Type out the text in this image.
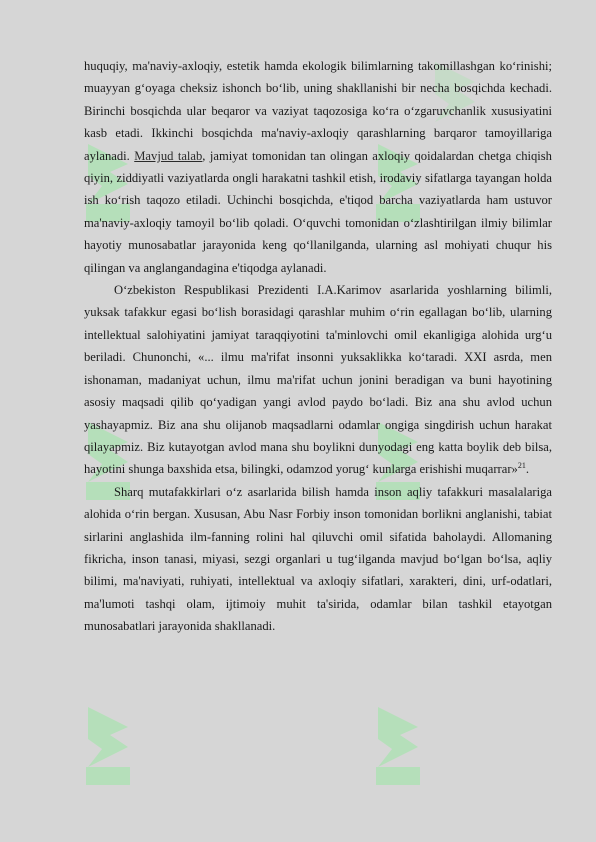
huquqiy, ma'naviy-axloqiy, estetik hamda ekologik bilimlarning takomillashgan ko‘rinishi; muayyan g‘oyaga cheksiz ishonch bo‘lib, uning shakllanishi bir necha bosqichda kechadi. Birinchi bosqichda ular beqaror va vaziyat taqozosiga ko‘ra o‘zgaruvchanlik xususiyatini kasb etadi. Ikkinchi bosqichda ma'naviy-axloqiy qarashlarning barqaror tamoyillariga aylanadi. Mavjud talab, jamiyat tomonidan tan olingan axloqiy qoidalardan chetga chiqish qiyin, ziddiyatli vaziyatlarda ongli harakatni tashkil etish, irodaviy sifatlarga tayangan holda ish ko‘rish taqozo etiladi. Uchinchi bosqichda, e'tiqod barcha vaziyatlarda ham ustuvor ma'naviy-axloqiy tamoyil bo‘lib qoladi. O‘quvchi tomonidan o‘zlashtirilgan ilmiy bilimlar hayotiy munosabatlar jarayonida keng qo‘llanilganda, ularning asl mohiyati chuqur his qilingan va anglangandagina e'tiqodga aylanadi.

O‘zbekiston Respublikasi Prezidenti I.A.Karimov asarlarida yoshlarning bilimli, yuksak tafakkur egasi bo‘lish borasidagi qarashlar muhim o‘rin egallagan bo‘lib, ularning intellektual salohiyatini jamiyat taraqqiyotini ta'minlovchi omil ekanligiga alohida urg‘u beriladi. Chunonchi, «... ilmu ma'rifat insonni yuksaklikka ko‘taradi. XXI asrda, men ishonaman, madaniyat uchun, ilmu ma'rifat uchun jonini beradigan va buni hayotining asosiy maqsadi qilib qo‘yadigan yangi avlod paydo bo‘ladi. Biz ana shu avlod uchun yashayapmiz. Biz ana shu olijanob maqsadlarni odamlar ongiga singdirish uchun harakat qilayapmiz. Biz kutayotgan avlod mana shu boylikni dunyodagi eng katta boylik deb bilsa, hayotini shunga baxshida etsa, bilingki, odamzod yorug‘ kunlarga erishishi muqarrar»$^{21}$.

Sharq mutafakkirlari o‘z asarlarida bilish hamda inson aqliy tafakkuri masalalariga alohida o‘rin bergan. Xususan, Abu Nasr Forbiy inson tomonidan borlikni anglanishi, tabiat sirlarini anglashida ilm-fanning rolini hal qiluvchi omil sifatida baholaydi. Allomaning fikricha, inson tanasi, miyasi, sezgi organlari u tug‘ilganda mavjud bo‘lgan bo‘lsa, aqliy bilimi, ma'naviyati, ruhiyati, intellektual va axloqiy sifatlari, xarakteri, dini, urf-odatlari, ma'lumoti tashqi olam, ijtimoiy muhit ta'sirida, odamlar bilan tashkil etayotgan munosabatlari jarayonida shakllanadi.
